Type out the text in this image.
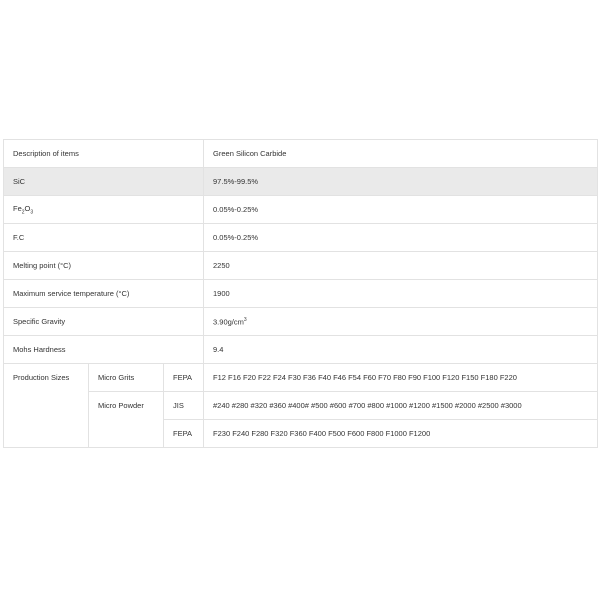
Description of items			Green Silicon Carbide
SiC			97.5%-99.5%
$Fe_2O_3$			0.05%-0.25%
F.C			0.05%-0.25%
Melting point (°C)			2250
Maximum service temperature (°C)			1900
Specific Gravity			$3.90g/cm^3$
Mohs Hardness			9.4
Production Sizes	Micro Grits	FEPA	F12 F16 F20 F22 F24 F30 F36 F40 F46 F54 F60 F70 F80 F90 F100 F120 F150 F180 F220
	Micro Powder	JIS	#240 #280 #320 #360 #400# #500 #600 #700 #800 #1000 #1200 #1500 #2000 #2500 #3000
		FEPA	F230 F240 F280 F320 F360 F400 F500 F600 F800 F1000 F1200
